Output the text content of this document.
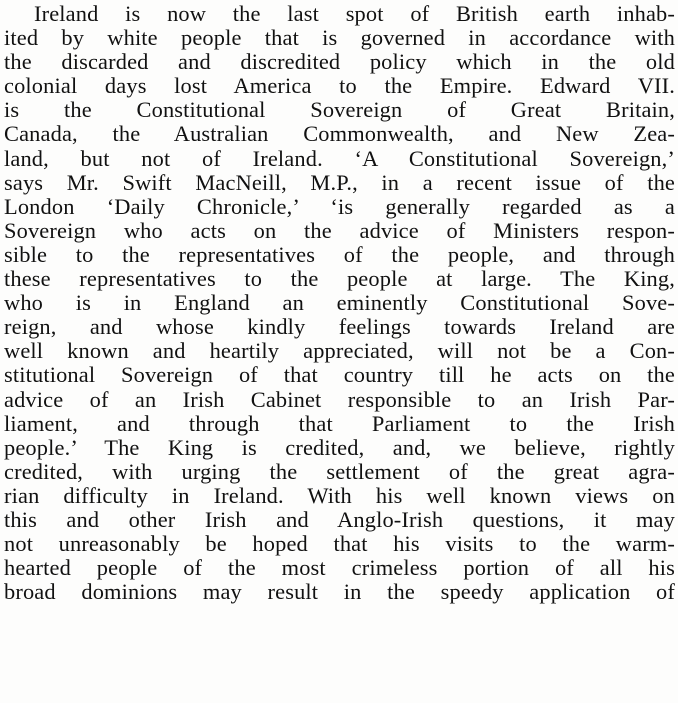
Ireland is now the last spot of British earth inhab-
ited by white people that is governed in accordance with
the discarded and discredited policy which in the old
colonial days lost America to the Empire. Edward VII.
is the Constitutional Sovereign of Great Britain,
Canada, the Australian Commonwealth, and New Zea-
land, but not of Ireland. ‘A Constitutional Sovereign,’
says Mr. Swift MacNeill, M.P., in a recent issue of the
London ‘Daily Chronicle,’ ‘is generally regarded as a
Sovereign who acts on the advice of Ministers respon-
sible to the representatives of the people, and through
these representatives to the people at large. The King,
who is in England an eminently Constitutional Sove-
reign, and whose kindly feelings towards Ireland are
well known and heartily appreciated, will not be a Con-
stitutional Sovereign of that country till he acts on the
advice of an Irish Cabinet responsible to an Irish Par-
liament, and through that Parliament to the Irish
people.’ The King is credited, and, we believe, rightly
credited, with urging the settlement of the great agra-
rian difficulty in Ireland. With his well known views on
this and other Irish and Anglo-Irish questions, it may
not unreasonably be hoped that his visits to the warm-
hearted people of the most crimeless portion of all his
broad dominions may result in the speedy application of
